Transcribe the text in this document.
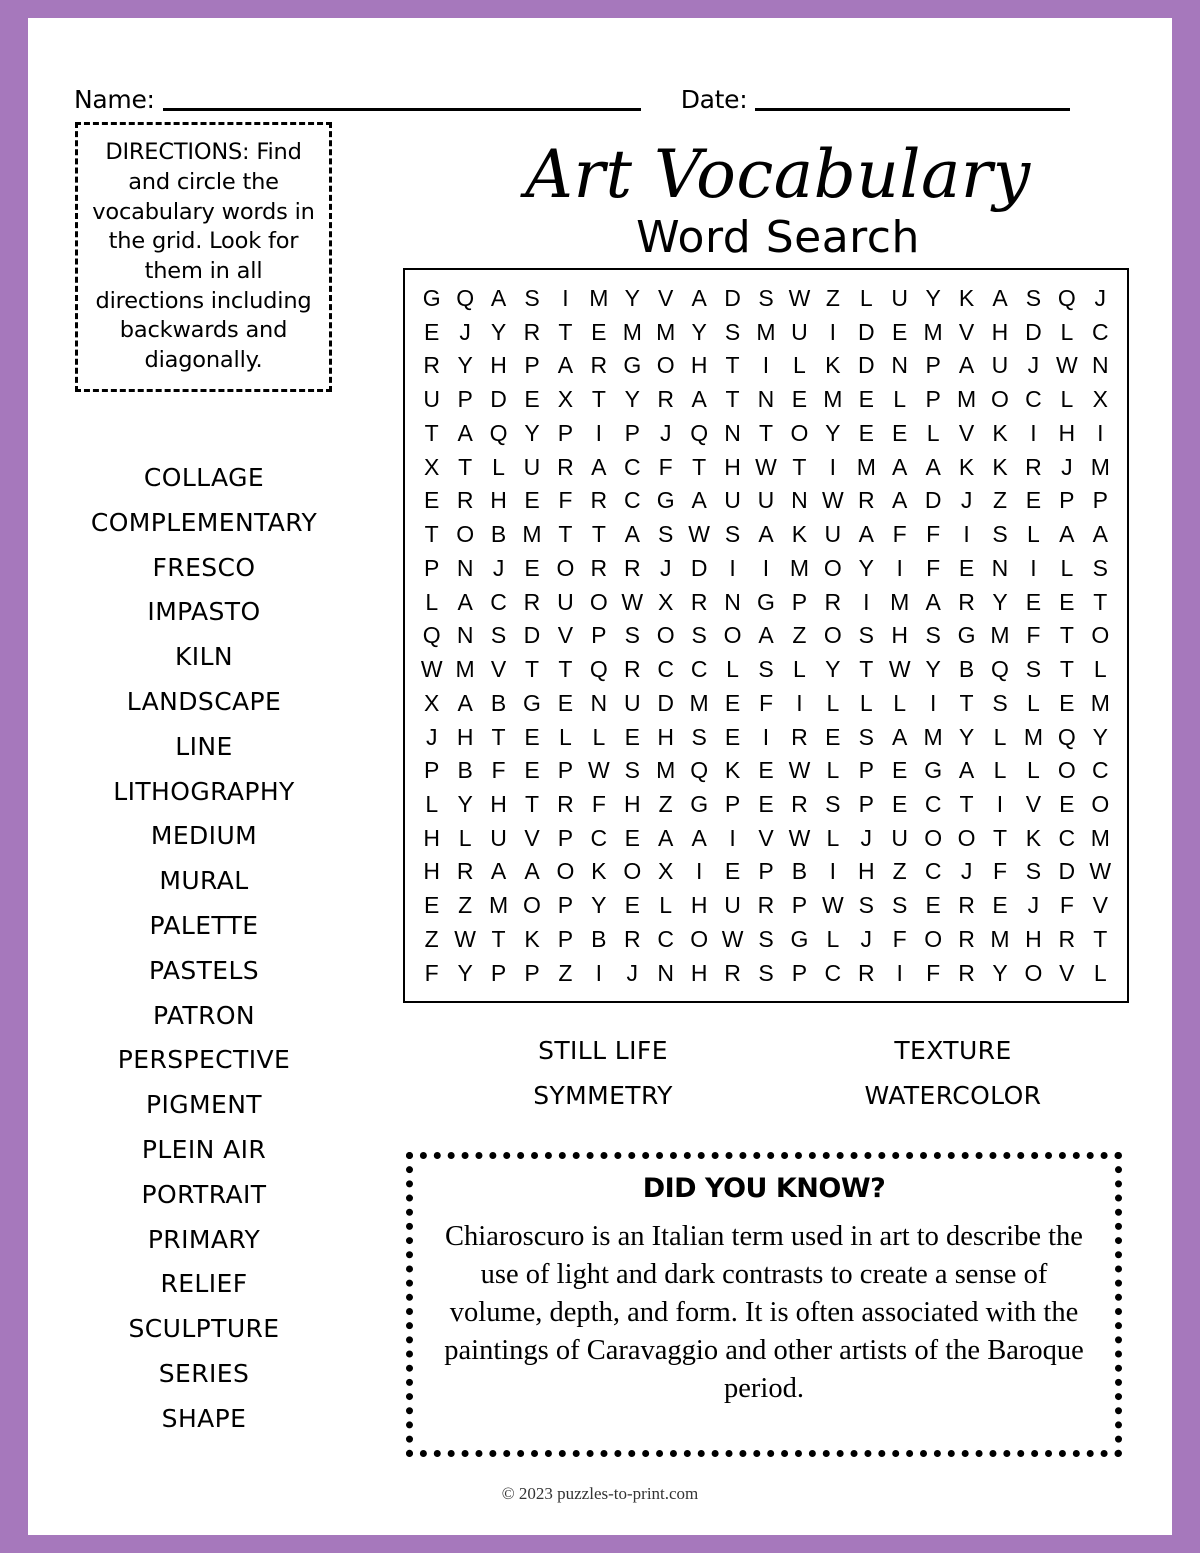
Name:	Date:
DIRECTIONS: Find and circle the vocabulary words in the grid. Look for them in all directions including backwards and diagonally.
Art Vocabulary
Word Search
COLLAGE
COMPLEMENTARY
FRESCO
IMPASTO
KILN
LANDSCAPE
LINE
LITHOGRAPHY
MEDIUM
MURAL
PALETTE
PASTELS
PATRON
PERSPECTIVE
PIGMENT
PLEIN AIR
PORTRAIT
PRIMARY
RELIEF
SCULPTURE
SERIES
SHAPE
G Q A S I M Y V A D S W Z L U Y K A S Q J
E J Y R T E M M Y S M U I D E M V H D L C
R Y H P A R G O H T	I	L K D N P A U J W N
U P D E X T Y R A T N E M E L P M O C L X
T A Q Y P I P J Q N T O Y E E L V K I H I
X T L U R A C F T H W T	I M A A K K R J M
E R H E F R C G A U U N W R A D J Z E P P
T O B M T T A S W S A K U A F F	I S L A A
P N J E O R R J D I	I M O Y I	F E N I	L S
L A C R U O W X R N G P R I M A R Y E E T
Q N S D V P S O S O A Z O S H S G M F T O
W M V T T Q R C C L S L Y T W Y B Q S T L
X A B G E N U D M E F	I	L L L	I	T S L E M
J H T E L L E H S E I R E S A M Y L M Q Y
P B F E P W S M Q K E W L P E G A L L O C
L Y H T R F H Z G P E R S P E C T	I V E O
H L U V P C E A A I V W L J U O O T K C M
H R A A O K O X I E P B I H Z C J F S D W
E Z M O P Y E L H U R P W S S E R E J F V
Z W T K P B R C O W S G L J F O R M H R T
F Y P P Z	I	J N H R S P C R I	F R Y O V L
STILL LIFE	TEXTURE
SYMMETRY	WATERCOLOR
DID YOU KNOW?
Chiaroscuro is an Italian term used in art to describe the use of light and dark contrasts to create a sense of volume, depth, and form. It is often associated with the paintings of Caravaggio and other artists of the Baroque period.
© 2023 puzzles-to-print.com
